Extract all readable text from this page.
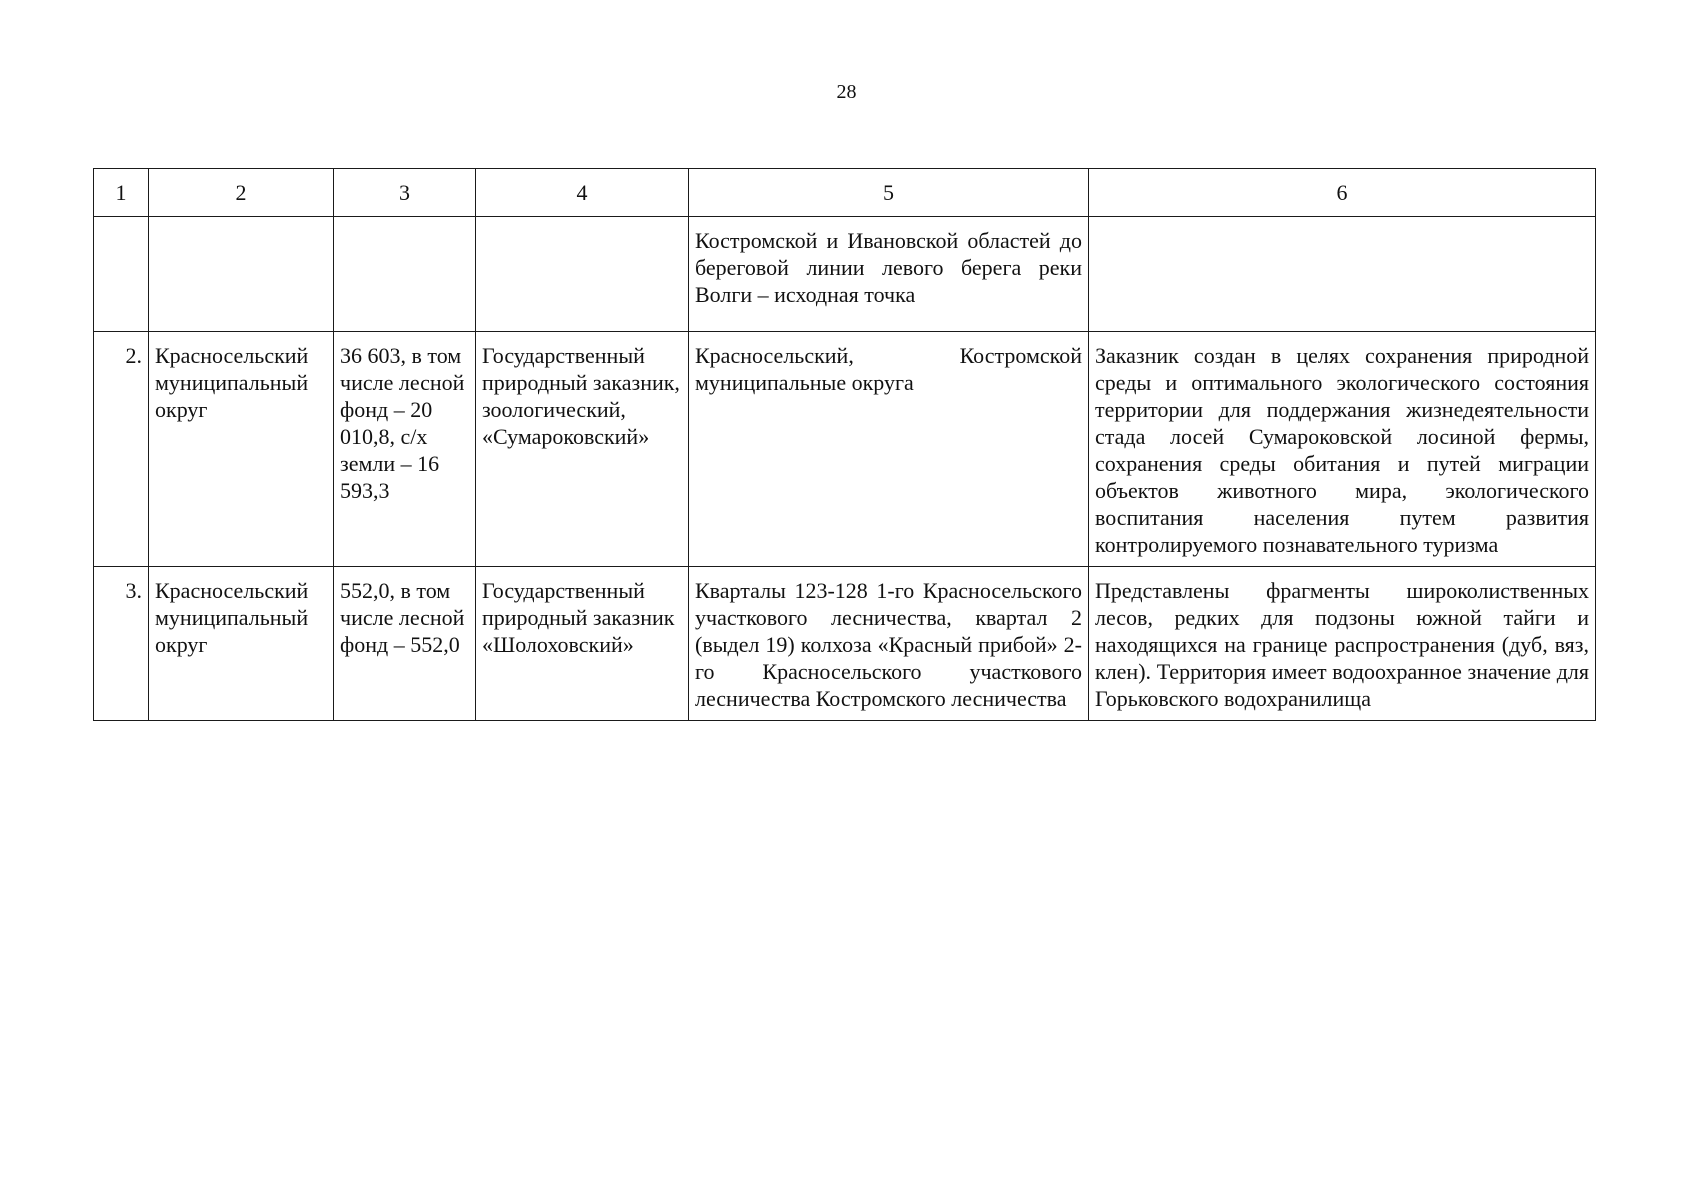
28
1	2	3	4	5	6
				Костромской и Ивановской областей до береговой линии левого берега реки Волги – исходная точка	
2.	Красносельский муниципальный округ	36 603, в том числе лесной фонд – 20 010,8, с/х земли – 16 593,3	Государственный природный заказник, зоологический, «Сумароковский»	Красносельский, Костромской муниципальные округа	Заказник создан в целях сохранения природной среды и оптимального экологического состояния территории для поддержания жизнедеятельности стада лосей Сумароковской лосиной фермы, сохранения среды обитания и путей миграции объектов животного мира, экологического воспитания населения путем развития контролируемого познавательного туризма
3.	Красносельский муниципальный округ	552,0, в том числе лесной фонд – 552,0	Государственный природный заказник «Шолоховский»	Кварталы 123-128 1-го Красносельского участкового лесничества, квартал 2 (выдел 19) колхоза «Красный прибой» 2-го Красносельского участкового лесничества Костромского лесничества	Представлены фрагменты широколиственных лесов, редких для подзоны южной тайги и находящихся на границе распространения (дуб, вяз, клен). Территория имеет водоохранное значение для Горьковского водохранилища
